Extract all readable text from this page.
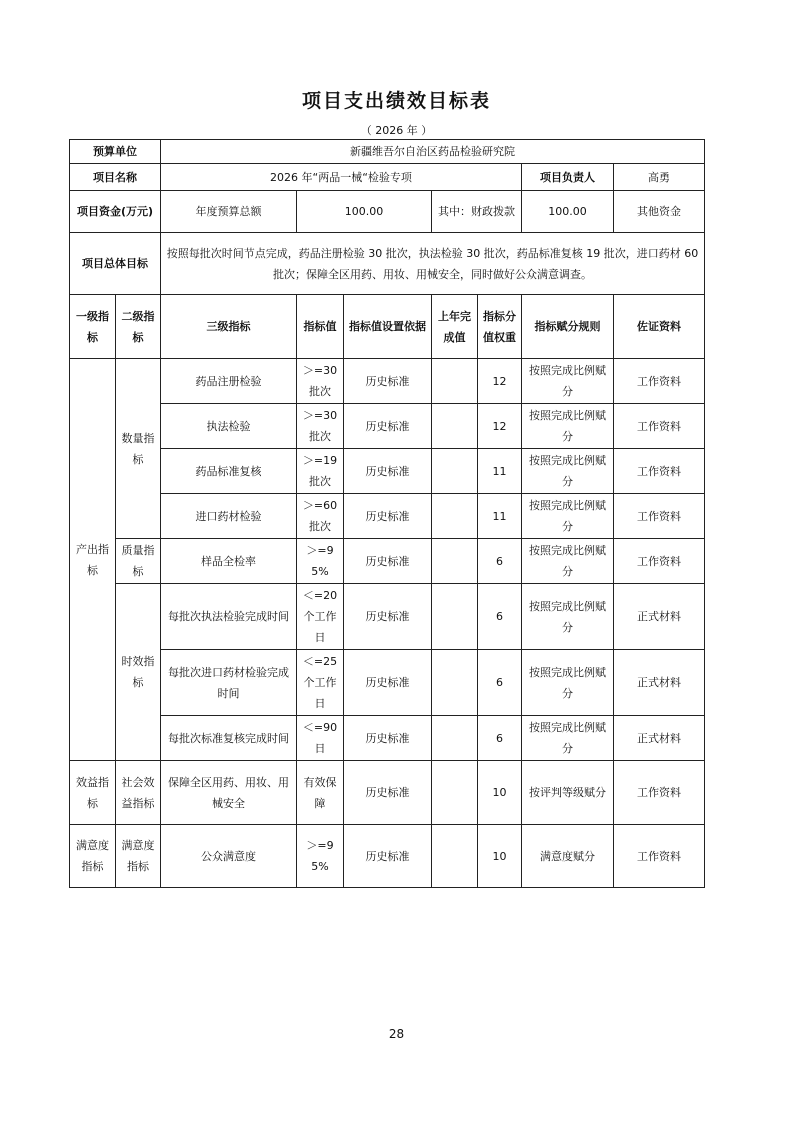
项目支出绩效目标表
（ 2026 年 ）
预算单位		新疆维吾尔自治区药品检验研究院						
项目名称		2026 年“两品一械“检验专项					项目负责人	高勇
项目资金(万元)		年度预算总额	100.00		其中：财政拨款		100.00	其他资金

项目总体目标		按照每批次时间节点完成，药品注册检验 30 批次，执法检验 30 批次，药品标准复核 19 批次，进口药材 60 批次；保障全区用药、用妆、用械安全，同时做好公众满意调查。						
一级指标	二级指标	三级指标	指标值	指标值设置依据	上年完成值	指标分值权重	指标赋分规则	佐证资料
产出指标	数量指标	药品注册检验	＞=30批次	历史标准		12	按照完成比例赋分	工作资料
		执法检验	＞=30批次	历史标准		12	按照完成比例赋分	工作资料
		药品标准复核	＞=19批次	历史标准		11	按照完成比例赋分	工作资料
		进口药材检验	＞=60批次	历史标准		11	按照完成比例赋分	工作资料
	质量指标	样品全检率	＞=95%	历史标准		6	按照完成比例赋分	工作资料
	时效指标	每批次执法检验完成时间	＜=20个工作日	历史标准		6	按照完成比例赋分	正式材料
		每批次进口药材检验完成时间	＜=25个工作日	历史标准		6	按照完成比例赋分	正式材料
		每批次标准复核完成时间	＜=90日	历史标准		6	按照完成比例赋分	正式材料
效益指标	社会效益指标	保障全区用药、用妆、用械安全	有效保障	历史标准		10	按评判等级赋分	工作资料
满意度指标	满意度指标	公众满意度	＞=95%	历史标准		10	满意度赋分	工作资料
28
